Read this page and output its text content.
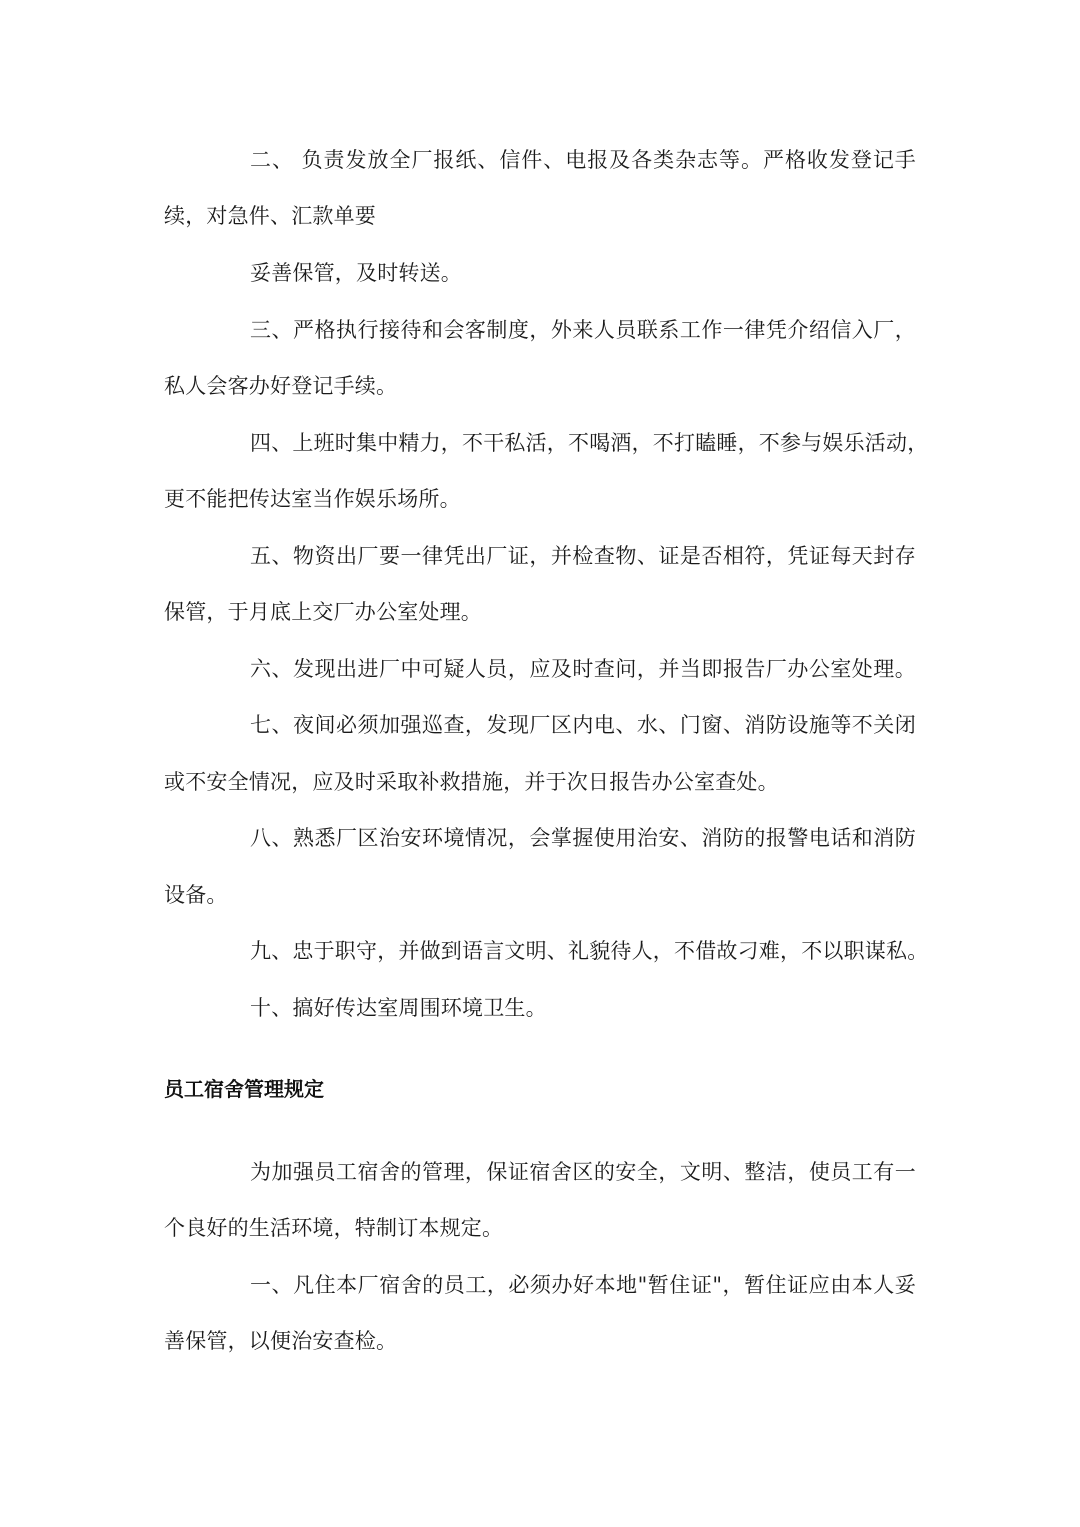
二、 负责发放全厂报纸、信件、电报及各类杂志等。严格收发登记手
续，对急件、汇款单要
妥善保管，及时转送。
三、严格执行接待和会客制度，外来人员联系工作一律凭介绍信入厂，
私人会客办好登记手续。
四、上班时集中精力，不干私活，不喝酒，不打瞌睡，不参与娱乐活动，
更不能把传达室当作娱乐场所。
五、物资出厂要一律凭出厂证，并检查物、证是否相符，凭证每天封存
保管，于月底上交厂办公室处理。
六、发现出进厂中可疑人员，应及时查问，并当即报告厂办公室处理。
七、夜间必须加强巡查，发现厂区内电、水、门窗、消防设施等不关闭
或不安全情况，应及时采取补救措施，并于次日报告办公室查处。
八、熟悉厂区治安环境情况，会掌握使用治安、消防的报警电话和消防
设备。
九、忠于职守，并做到语言文明、礼貌待人，不借故刁难，不以职谋私。
十、搞好传达室周围环境卫生。
员工宿舍管理规定
为加强员工宿舍的管理，保证宿舍区的安全，文明、整洁，使员工有一
个良好的生活环境，特制订本规定。
一、凡住本厂宿舍的员工，必须办好本地"暂住证"，暂住证应由本人妥
善保管，以便治安查检。
